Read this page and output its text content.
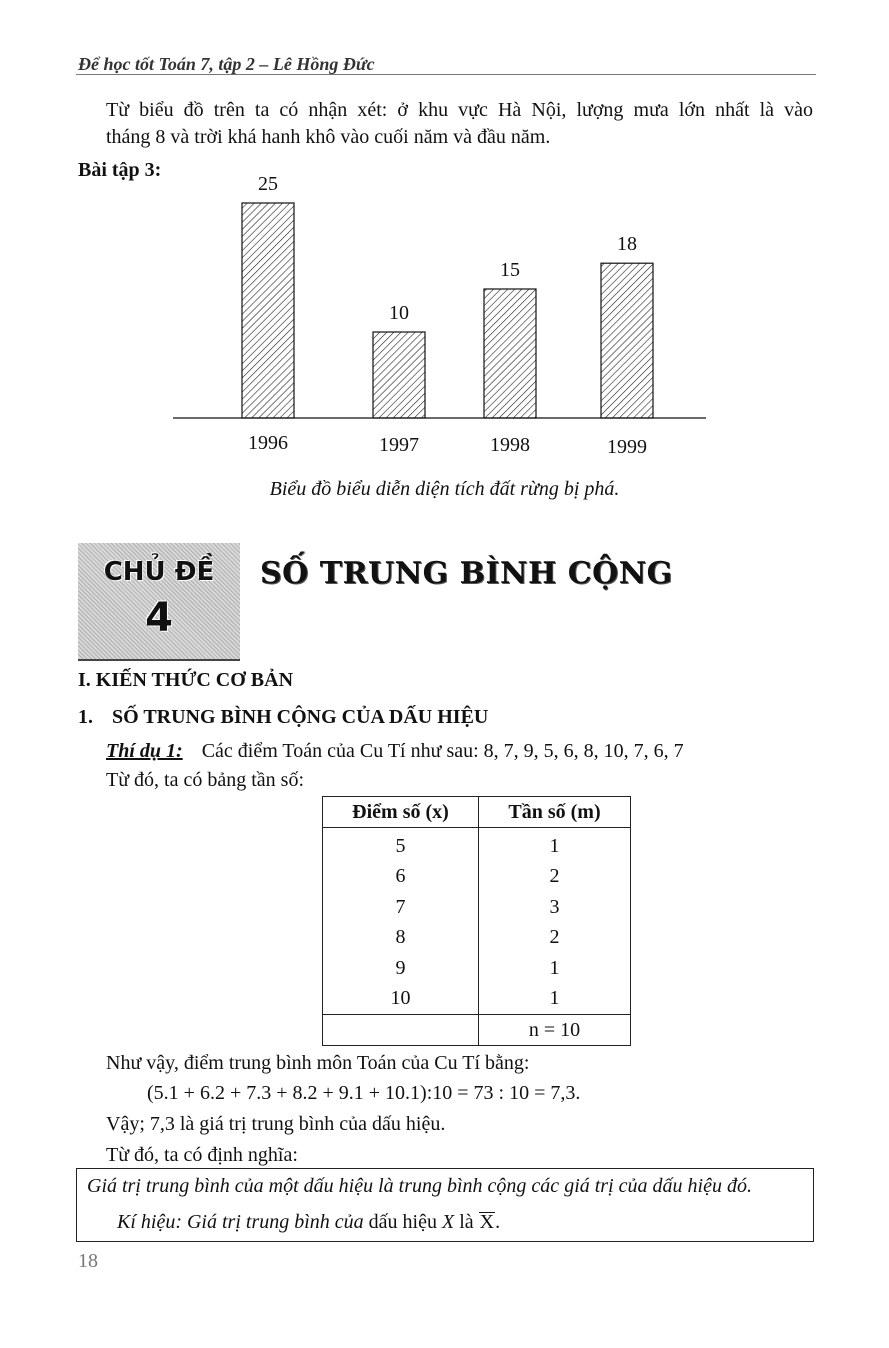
Để học tốt Toán 7, tập 2 – Lê Hồng Đức
Từ biểu đồ trên ta có nhận xét: ở khu vực Hà Nội, lượng mưa lớn nhất là vào
tháng 8 và trời khá hanh khô vào cuối năm và đầu năm.
Bài tập 3:
25
10
15
18
1996	1997	1998	1999
Biểu đồ biểu diễn diện tích đất rừng bị phá.
CHỦ ĐỀ
4
SỐ TRUNG BÌNH CỘNG
I. KIẾN THỨC CƠ BẢN
1. SỐ TRUNG BÌNH CỘNG CỦA DẤU HIỆU
Thí dụ 1: Các điểm Toán của Cu Tí như sau: 8, 7, 9, 5, 6, 8, 10, 7, 6, 7
Từ đó, ta có bảng tần số:
Điểm số (x)	Tần số (m)
5	1
6	2
7	3
8	2
9	1
10	1
	n = 10
Như vậy, điểm trung bình môn Toán của Cu Tí bằng:
(5.1 + 6.2 + 7.3 + 8.2 + 9.1 + 10.1):10 = 73 : 10 = 7,3.
Vậy; 7,3 là giá trị trung bình của dấu hiệu.
Từ đó, ta có định nghĩa:
Giá trị trung bình của một dấu hiệu là trung bình cộng các giá trị của dấu hiệu đó.
Kí hiệu: Giá trị trung bình của dấu hiệu X là X.
18
